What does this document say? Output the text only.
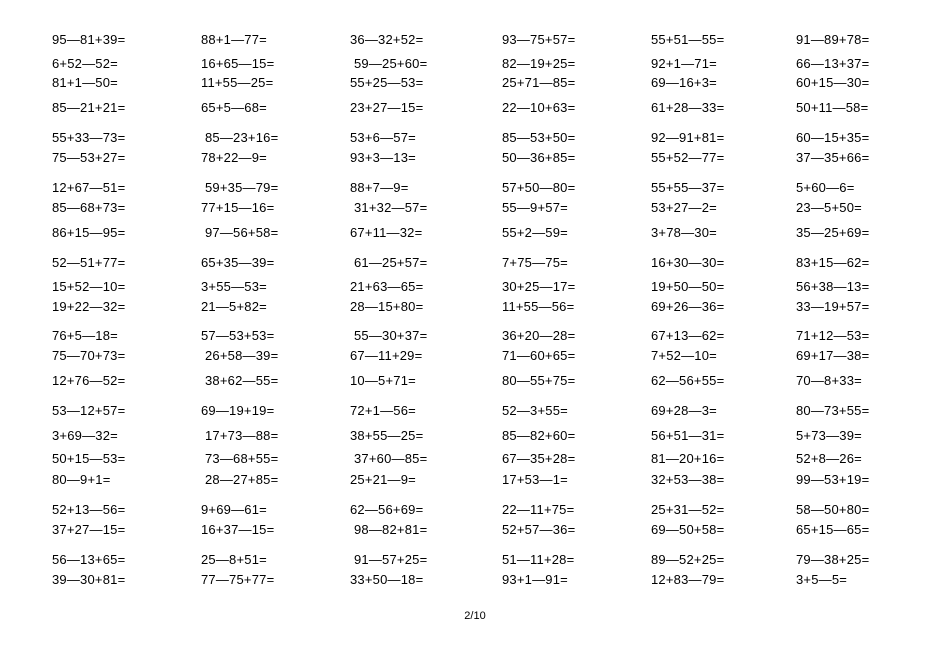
95—81+39=
6+52—52=
81+1—50=
85—21+21=
55+33—73=
75—53+27=
12+67—51=
85—68+73=
86+15—95=
52—51+77=
15+52—10=
19+22—32=
76+5—18=
75—70+73=
12+76—52=
53—12+57=
3+69—32=
50+15—53=
80—9+1=
52+13—56=
37+27—15=
56—13+65=
39—30+81=
88+1—77=
16+65—15=
11+55—25=
65+5—68=
85—23+16=
78+22—9=
59+35—79=
77+15—16=
97—56+58=
65+35—39=
3+55—53=
21—5+82=
57—53+53=
26+58—39=
38+62—55=
69—19+19=
17+73—88=
73—68+55=
28—27+85=
9+69—61=
16+37—15=
25—8+51=
77—75+77=
36—32+52=
59—25+60=
55+25—53=
23+27—15=
53+6—57=
93+3—13=
88+7—9=
31+32—57=
67+11—32=
61—25+57=
21+63—65=
28—15+80=
55—30+37=
67—11+29=
10—5+71=
72+1—56=
38+55—25=
37+60—85=
25+21—9=
62—56+69=
98—82+81=
91—57+25=
33+50—18=
93—75+57=
82—19+25=
25+71—85=
22—10+63=
85—53+50=
50—36+85=
57+50—80=
55—9+57=
55+2—59=
7+75—75=
30+25—17=
11+55—56=
36+20—28=
71—60+65=
80—55+75=
52—3+55=
85—82+60=
67—35+28=
17+53—1=
22—11+75=
52+57—36=
51—11+28=
93+1—91=
55+51—55=
92+1—71=
69—16+3=
61+28—33=
92—91+81=
55+52—77=
55+55—37=
53+27—2=
3+78—30=
16+30—30=
19+50—50=
69+26—36=
67+13—62=
7+52—10=
62—56+55=
69+28—3=
56+51—31=
81—20+16=
32+53—38=
25+31—52=
69—50+58=
89—52+25=
12+83—79=
91—89+78=
66—13+37=
60+15—30=
50+11—58=
60—15+35=
37—35+66=
5+60—6=
23—5+50=
35—25+69=
83+15—62=
56+38—13=
33—19+57=
71+12—53=
69+17—38=
70—8+33=
80—73+55=
5+73—39=
52+8—26=
99—53+19=
58—50+80=
65+15—65=
79—38+25=
3+5—5=
2/10
